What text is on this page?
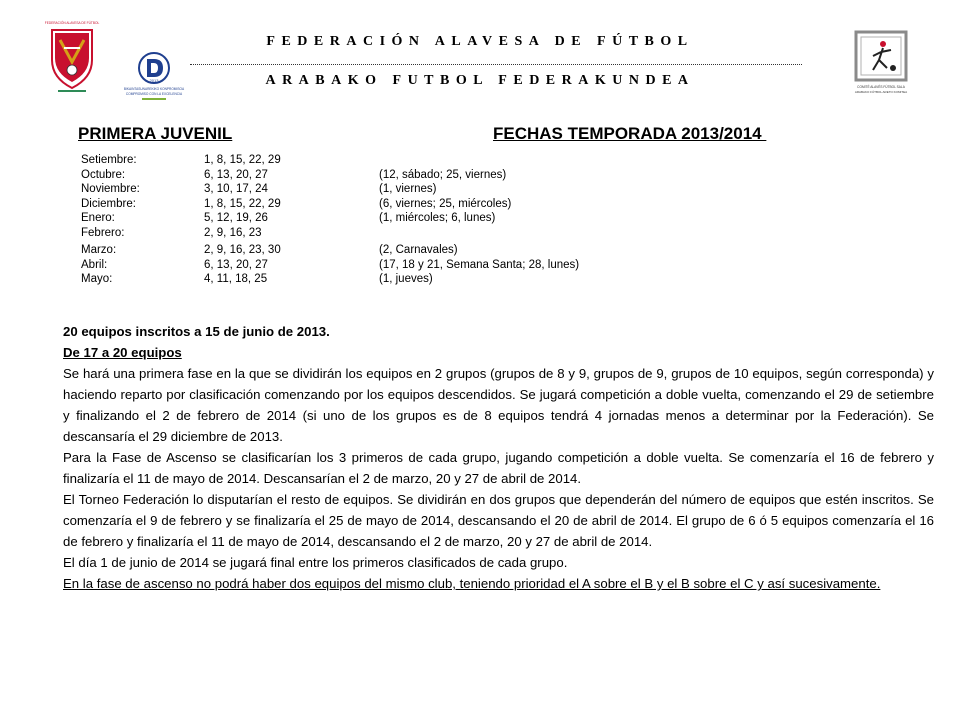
FEDERACIÓN ALAVESA DE FÚTBOL
2013
BIKAINTASUNAREKIKO KONPROMISOA
COMPROMISO CON LA EXCELENCIA
COMITÉ ALAVÉS FÚTBOL SALA
ARABAKO FÚTBOL ARETO KOMITEA
FEDERACIÓN ALAVESA DE FÚTBOL
ARABAKO FUTBOL FEDERAKUNDEA
PRIMERA JUVENIL	FECHAS TEMPORADA 2013/2014
Setiembre:	1, 8, 15, 22, 29
Octubre:	6, 13, 20, 27	(12, sábado; 25, viernes)
Noviembre:	3, 10, 17, 24	(1, viernes)
Diciembre:	1, 8, 15, 22, 29	(6, viernes; 25, miércoles)
Enero:	5, 12, 19, 26	(1, miércoles; 6, lunes)
Febrero:	2, 9, 16, 23
Marzo:	2, 9, 16, 23, 30	(2, Carnavales)
Abril:	6, 13, 20, 27	(17, 18 y 21, Semana Santa; 28, lunes)
Mayo:	4, 11, 18, 25	(1, jueves)

20 equipos inscritos a 15 de junio de 2013.

De 17 a 20 equipos

Se hará una primera fase en la que se dividirán los equipos en 2 grupos (grupos de 8 y 9, grupos de 9, grupos de 10 equipos, según corresponda) y haciendo reparto por clasificación comenzando por los equipos descendidos. Se jugará competición a doble vuelta, comenzando el 29 de setiembre y finalizando el 2 de febrero de 2014 (si uno de los grupos es de 8 equipos tendrá 4 jornadas menos a determinar por la Federación). Se descansaría el 29 diciembre de 2013.

Para la Fase de Ascenso se clasificarían los 3 primeros de cada grupo, jugando competición a doble vuelta. Se comenzaría el 16 de febrero y finalizaría el 11 de mayo de 2014. Descansarían el 2 de marzo, 20 y 27 de abril de 2014.

El Torneo Federación lo disputarían el resto de equipos. Se dividirán en dos grupos que dependerán del número de equipos que estén inscritos. Se comenzaría el 9 de febrero y se finalizaría el 25 de mayo de 2014, descansando el 20 de abril de 2014. El grupo de 6 ó 5 equipos comenzaría el 16 de febrero y finalizaría el 11 de mayo de 2014, descansando el 2 de marzo, 20 y 27 de abril de 2014.

El día 1 de junio de 2014 se jugará final entre los primeros clasificados de cada grupo.

En la fase de ascenso no podrá haber dos equipos del mismo club, teniendo prioridad el A sobre el B y el B sobre el C y así sucesivamente.
